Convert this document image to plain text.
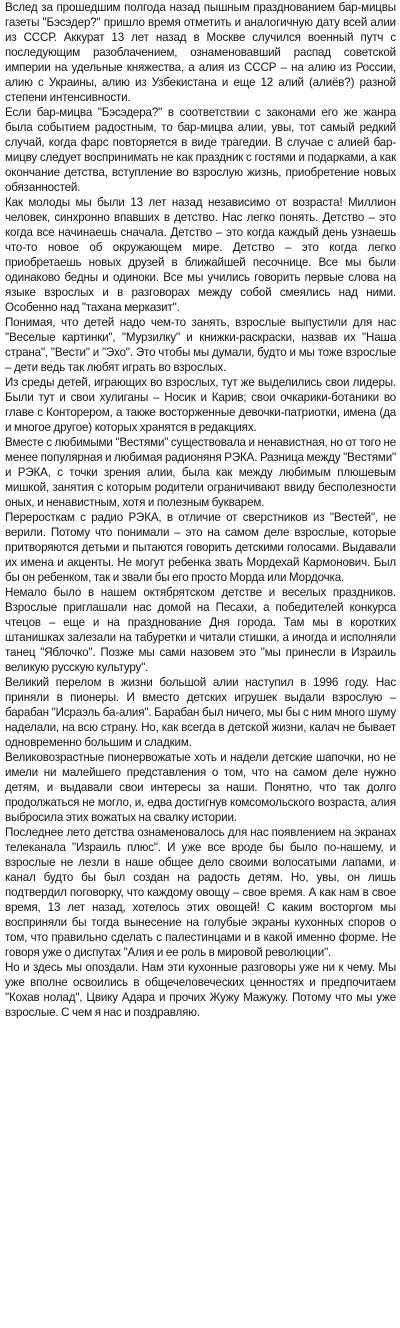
Вслед за прошедшим полгода назад пышным празднованием бар-мицвы газеты "Бэсэдер?" пришло время отметить и аналогичную дату всей алии из СССР. Аккурат 13 лет назад в Москве случился военный путч с последующим разоблачением, ознаменовавший распад советской империи на удельные княжества, а алия из СССР – на алию из России, алию с Украины, алию из Узбекистана и еще 12 алий (алиёв?) разной степени интенсивности.

Если бар-мицва "Бэсэдера?" в соответствии с законами его же жанра была событием радостным, то бар-мицва алии, увы, тот самый редкий случай, когда фарс повторяется в виде трагедии. В случае с алией бар-мицву следует воспринимать не как праздник с гостями и подарками, а как окончание детства, вступление во взрослую жизнь, приобретение новых обязанностей.

Как молоды мы были 13 лет назад независимо от возраста! Миллион человек, синхронно впавших в детство. Нас легко понять. Детство – это когда все начинаешь сначала. Детство – это когда каждый день узнаешь что-то новое об окружающем мире. Детство – это когда легко приобретаешь новых друзей в ближайшей песочнице. Все мы были одинаково бедны и одиноки. Все мы учились говорить первые слова на языке взрослых и в разговорах между собой смеялись над ними. Особенно над "тахана мерказит".

Понимая, что детей надо чем-то занять, взрослые выпустили для нас "Веселые картинки", "Мурзилку" и книжки-раскраски, назвав их "Наша страна", "Вести" и "Эхо". Это чтобы мы думали, будто и мы тоже взрослые – дети ведь так любят играть во взрослых.

Из среды детей, играющих во взрослых, тут же выделились свои лидеры. Были тут и свои хулиганы – Носик и Карив; свои очкарики-ботаники во главе с Конторером, а также восторженные девочки-патриотки, имена (да и многое другое) которых хранятся в редакциях.

Вместе с любимыми "Вестями" существовала и ненавистная, но от того не менее популярная и любимая радионяня РЭКА. Разница между "Вестями" и РЭКА, с точки зрения алии, была как между любимым плюшевым мишкой, занятия с которым родители ограничивают ввиду бесполезности оных, и ненавистным, хотя и полезным букварем.

Переросткам с радио РЭКА, в отличие от сверстников из "Вестей", не верили. Потому что понимали – это на самом деле взрослые, которые притворяются детьми и пытаются говорить детскими голосами. Выдавали их имена и акценты. Не могут ребенка звать Мордехай Кармонович. Был бы он ребенком, так и звали бы его просто Морда или Мордочка.

Немало было в нашем октябрятском детстве и веселых праздников. Взрослые приглашали нас домой на Песахи, а победителей конкурса чтецов – еще и на празднование Дня города. Там мы в коротких штанишках залезали на табуретки и читали стишки, а иногда и исполняли танец "Яблочко". Позже мы сами назовем это "мы принесли в Израиль великую русскую культуру".

Великий перелом в жизни большой алии наступил в 1996 году. Нас приняли в пионеры. И вместо детских игрушек выдали взрослую – барабан "Исраэль ба-алия". Барабан был ничего, мы бы с ним много шуму наделали, на всю страну. Но, как всегда в детской жизни, калач не бывает одновременно большим и сладким.

Великовозрастные пионервожатые хоть и надели детские шапочки, но не имели ни малейшего представления о том, что на самом деле нужно детям, и выдавали свои интересы за наши. Понятно, что так долго продолжаться не могло, и, едва достигнув комсомольского возраста, алия выбросила этих вожатых на свалку истории.

Последнее лето детства ознаменовалось для нас появлением на экранах телеканала "Израиль плюс". И уже все вроде бы было по-нашему, и взрослые не лезли в наше общее дело своими волосатыми лапами, и канал будто бы был создан на радость детям. Но, увы, он лишь подтвердил поговорку, что каждому овощу – свое время. А как нам в свое время, 13 лет назад, хотелось этих овощей! С каким восторгом мы восприняли бы тогда вынесение на голубые экраны кухонных споров о том, что правильно сделать с палестинцами и в какой именно форме. Не говоря уже о диспутах "Алия и ее роль в мировой революции".

Но и здесь мы опоздали. Нам эти кухонные разговоры уже ни к чему. Мы уже вполне освоились в общечеловеческих ценностях и предпочитаем "Кохав нолад", Цвику Адара и прочих Жужу Мажужу. Потому что мы уже взрослые. С чем я нас и поздравляю.
